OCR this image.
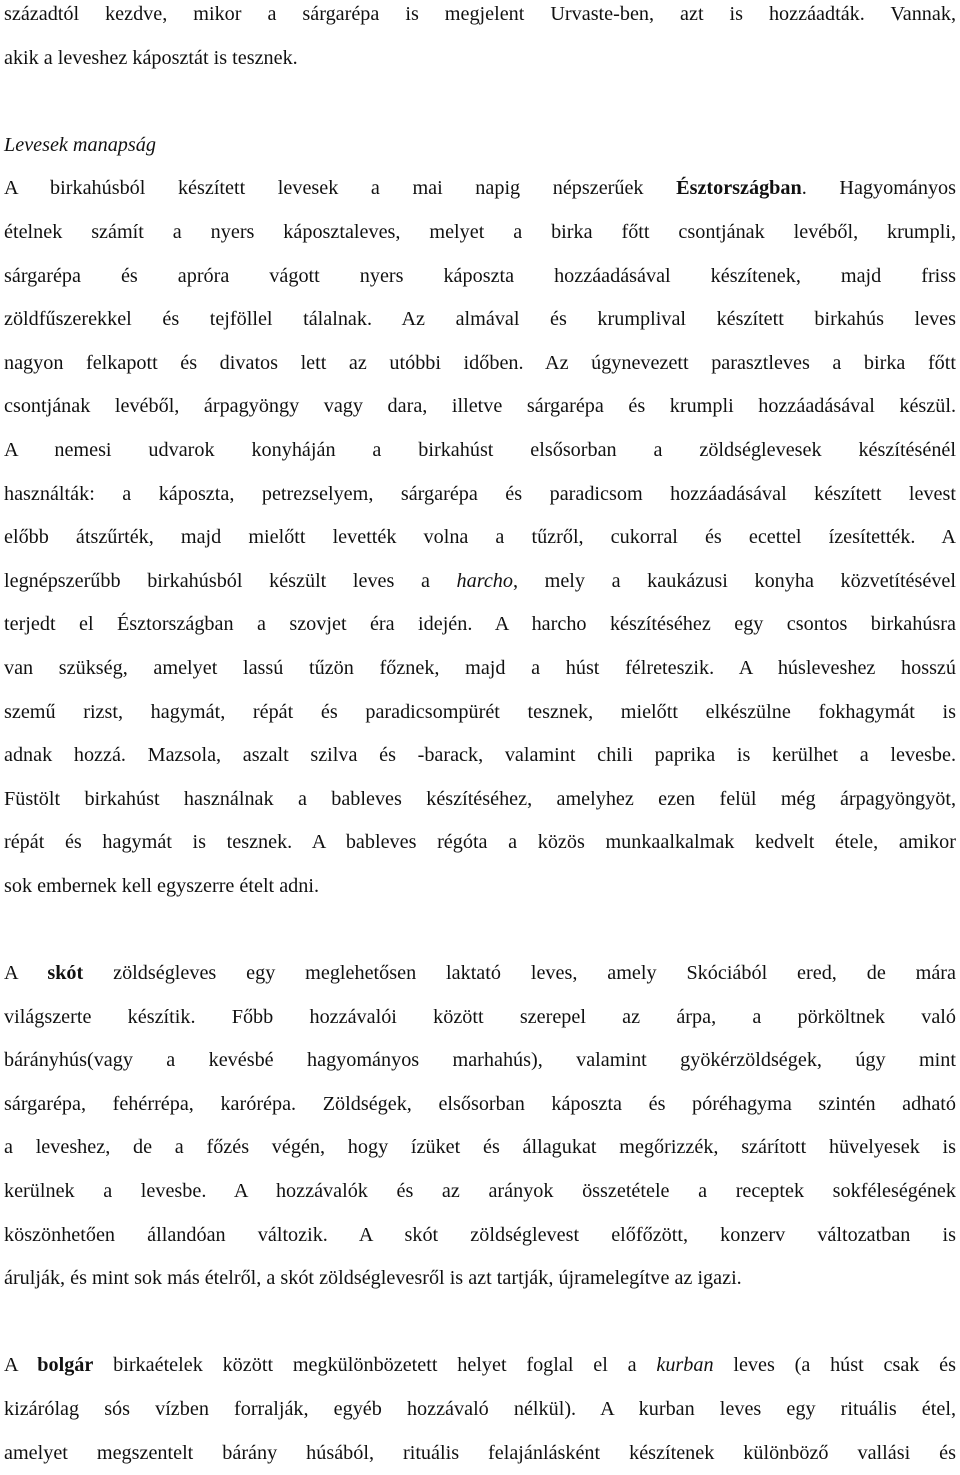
századtól kezdve, mikor a sárgarépa is megjelent Urvaste-ben, azt is hozzáadták. Vannak,
akik a leveshez káposztát is tesznek.

Levesek manapság

A birkahúsból készített levesek a mai napig népszerűek Észtországban. Hagyományos
ételnek számít a nyers káposztaleves, melyet a birka főtt csontjának levéből, krumpli,
sárgarépa és apróra vágott nyers káposzta hozzáadásával készítenek, majd friss
zöldfűszerekkel és tejföllel tálalnak. Az almával és krumplival készített birkahús leves
nagyon felkapott és divatos lett az utóbbi időben. Az úgynevezett parasztleves a birka főtt
csontjának levéből, árpagyöngy vagy dara, illetve sárgarépa és krumpli hozzáadásával készül.
A nemesi udvarok konyháján a birkahúst elsősorban a zöldséglevesek készítésénél
használták: a káposzta, petrezselyem, sárgarépa és paradicsom hozzáadásával készített levest
előbb átszűrték, majd mielőtt levették volna a tűzről, cukorral és ecettel ízesítették. A
legnépszerűbb birkahúsból készült leves a harcho, mely a kaukázusi konyha közvetítésével
terjedt el Észtországban a szovjet éra idején. A harcho készítéséhez egy csontos birkahúsra
van szükség, amelyet lassú tűzön főznek, majd a húst félreteszik. A húsleveshez hosszú
szemű rizst, hagymát, répát és paradicsompürét tesznek, mielőtt elkészülne fokhagymát is
adnak hozzá. Mazsola, aszalt szilva és -barack, valamint chili paprika is kerülhet a levesbe.
Füstölt birkahúst használnak a bableves készítéséhez, amelyhez ezen felül még árpagyöngyöt,
répát és hagymát is tesznek. A bableves régóta a közös munkaalkalmak kedvelt étele, amikor
sok embernek kell egyszerre ételt adni.

A skót zöldségleves egy meglehetősen laktató leves, amely Skóciából ered, de mára
világszerte készítik. Főbb hozzávalói között szerepel az árpa, a pörköltnek való
bárányhús(vagy a kevésbé hagyományos marhahús), valamint gyökérzöldségek, úgy mint
sárgarépa, fehérrépa, karórépa. Zöldségek, elsősorban káposzta és póréhagyma szintén adható
a leveshez, de a főzés végén, hogy ízüket és állagukat megőrizzék, szárított hüvelyesek is
kerülnek a levesbe. A hozzávalók és az arányok összetétele a receptek sokféleségének
köszönhetően állandóan változik. A skót zöldséglevest előfőzött, konzerv változatban is
árulják, és mint sok más ételről, a skót zöldséglevesről is azt tartják, újramelegítve az igazi.

A bolgár birkaételek között megkülönbözetett helyet foglal el a kurban leves (a húst csak és
kizárólag sós vízben forralják, egyéb hozzávaló nélkül). A kurban leves egy rituális étel,
amelyet megszentelt bárány húsából, rituális felajánlásként készítenek különböző vallási és
